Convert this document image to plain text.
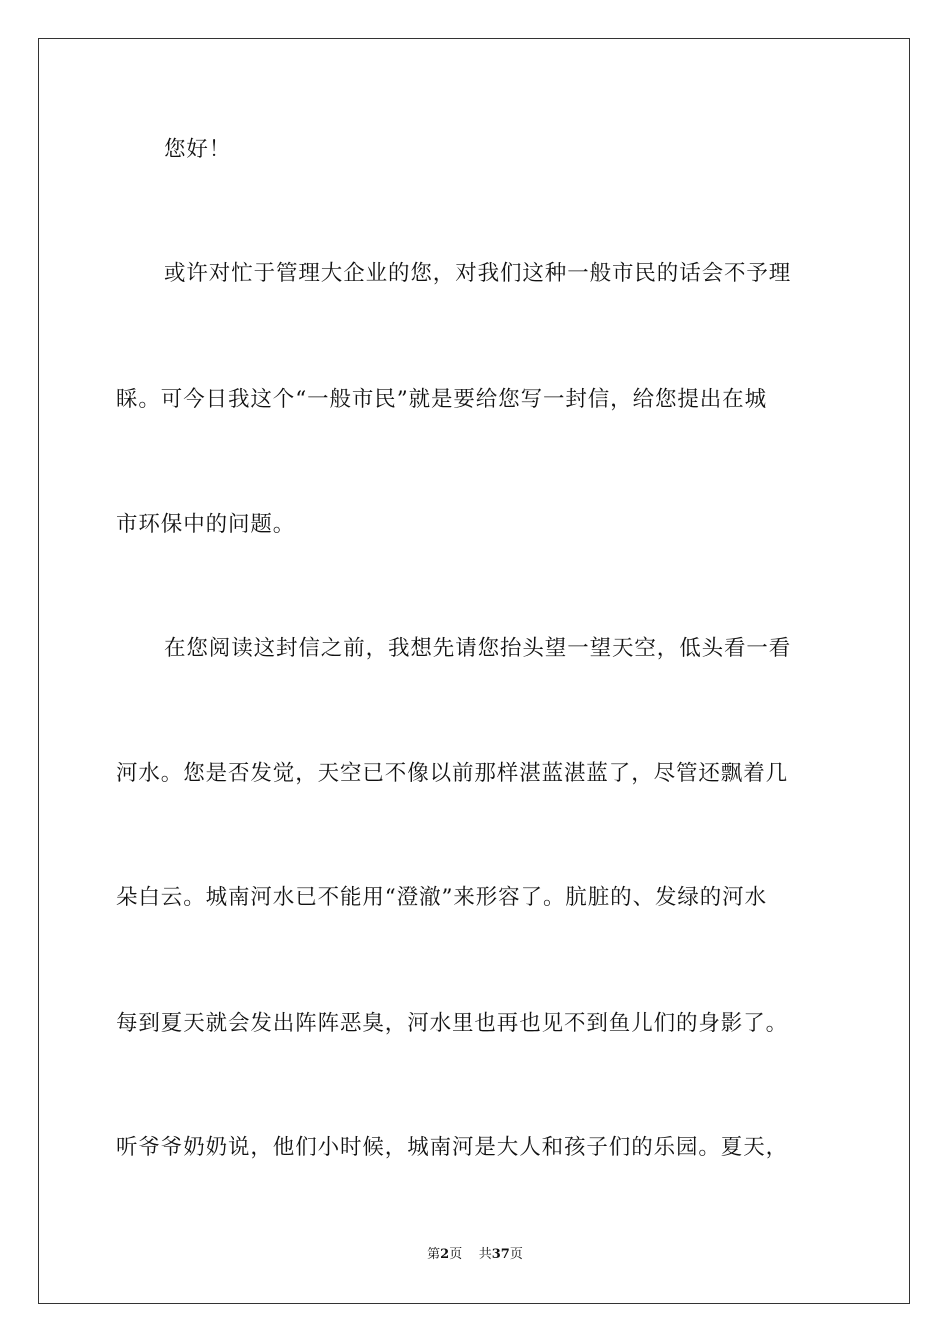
您好！
或许对忙于管理大企业的您，对我们这种一般市民的话会不予理
睬。可今日我这个“一般市民”就是要给您写一封信，给您提出在城
市环保中的问题。
在您阅读这封信之前，我想先请您抬头望一望天空，低头看一看
河水。您是否发觉，天空已不像以前那样湛蓝湛蓝了，尽管还飘着几
朵白云。城南河水已不能用“澄澈”来形容了。肮脏的、发绿的河水
每到夏天就会发出阵阵恶臭，河水里也再也见不到鱼儿们的身影了。
听爷爷奶奶说，他们小时候，城南河是大人和孩子们的乐园。夏天，
第2页 共37页
